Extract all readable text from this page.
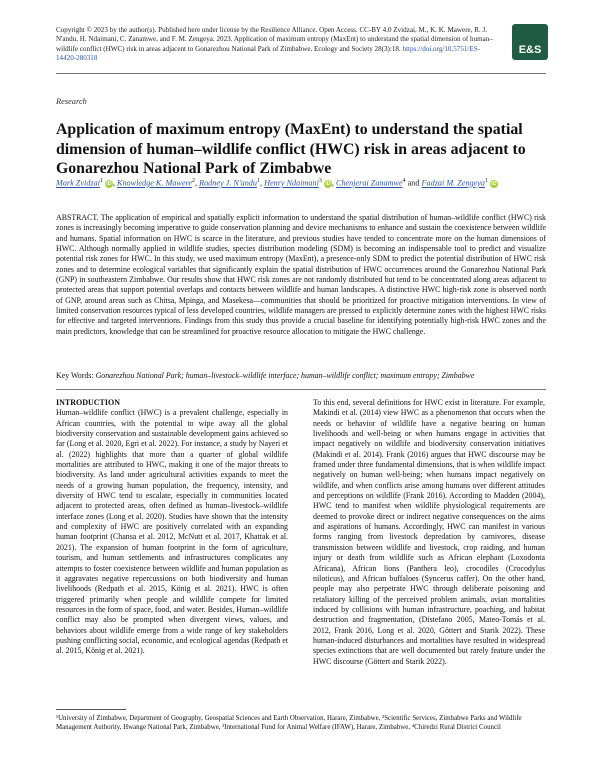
Copyright © 2023 by the author(s). Published here under license by the Resilience Alliance. Open Access. CC-BY 4.0 Zvidzai, M., K. K. Mawere, R. J. N'andu, H. Ndaimani, C. Zanamwe, and F. M. Zengeya. 2023. Application of maximum entropy (MaxEnt) to understand the spatial dimension of human–wildlife conflict (HWC) risk in areas adjacent to Gonarezhou National Park of Zimbabwe. Ecology and Society 28(3):18. https://doi.org/10.5751/ES-14420-280318
E&S
Research
Application of maximum entropy (MaxEnt) to understand the spatial dimension of human–wildlife conflict (HWC) risk in areas adjacent to Gonarezhou National Park of Zimbabwe
Mark Zvidzai$^1$ iD, Knowledge K. Mawere$^2$, Rodney J. N'andu$^1$, Henry Ndaimani$^3$ iD, Chenjerai Zanamwe$^4$ and Fadzai M. Zengeya$^1$ iD

ABSTRACT. The application of empirical and spatially explicit information to understand the spatial distribution of human–wildlife conflict (HWC) risk zones is increasingly becoming imperative to guide conservation planning and device mechanisms to enhance and sustain the coexistence between wildlife and humans. Spatial information on HWC is scarce in the literature, and previous studies have tended to concentrate more on the human dimensions of HWC. Although normally applied in wildlife studies, species distribution modeling (SDM) is becoming an indispensable tool to predict and visualize potential risk zones for HWC. In this study, we used maximum entropy (MaxEnt), a presence-only SDM to predict the potential distribution of HWC risk zones and to determine ecological variables that significantly explain the spatial distribution of HWC occurrences around the Gonarezhou National Park (GNP) in southeastern Zimbabwe. Our results show that HWC risk zones are not randomly distributed but tend to be concentrated along areas adjacent to protected areas that support potential overlaps and contacts between wildlife and human landscapes. A distinctive HWC high-risk zone is observed north of GNP, around areas such as Chitsa, Mpinga, and Masekesa—communities that should be prioritized for proactive mitigation interventions. In view of limited conservation resources typical of less developed countries, wildlife managers are pressed to explicitly determine zones with the highest HWC risks for effective and targeted interventions. Findings from this study thus provide a crucial baseline for identifying potentially high-risk HWC zones and the main predictors, knowledge that can be streamlined for proactive resource allocation to mitigate the HWC challenge.

Key Words: Gonarezhou National Park; human–livestock–wildlife interface; human–wildlife conflict; maximum entropy; Zimbabwe

INTRODUCTION
Human–wildlife conflict (HWC) is a prevalent challenge, especially in African countries, with the potential to wipe away all the global biodiversity conservation and sustainable development gains achieved so far (Long et al. 2020, Egri et al. 2022). For instance, a study by Nayeri et al. (2022) highlights that more than a quarter of global wildlife mortalities are attributed to HWC, making it one of the major threats to biodiversity. As land under agricultural activities expands to meet the needs of a growing human population, the frequency, intensity, and diversity of HWC tend to escalate, especially in communities located adjacent to protected areas, often defined as human–livestock–wildlife interface zones (Long et al. 2020). Studies have shown that the intensity and complexity of HWC are positively correlated with an expanding human footprint (Chansa et al. 2012, McNutt et al. 2017, Khattak et al. 2021). The expansion of human footprint in the form of agriculture, tourism, and human settlements and infrastructures complicates any attempts to foster coexistence between wildlife and human population as it aggravates negative repercussions on both biodiversity and human livelihoods (Redpath et al. 2015, König et al. 2021). HWC is often triggered primarily when people and wildlife compete for limited resources in the form of space, food, and water. Besides, Human–wildlife conflict may also be prompted when divergent views, values, and behaviors about wildlife emerge from a wide range of key stakeholders pushing conflicting social, economic, and ecological agendas (Redpath et al. 2015, König et al. 2021).

To this end, several definitions for HWC exist in literature. For example, Makindi et al. (2014) view HWC as a phenomenon that occurs when the needs or behavior of wildlife have a negative bearing on human livelihoods and well-being or when humans engage in activities that impact negatively on wildlife and biodiversity conservation initiatives (Makindi et al. 2014). Frank (2016) argues that HWC discourse may be framed under three fundamental dimensions, that is when wildlife impact negatively on human well-being; when humans impact negatively on wildlife, and when conflicts arise among humans over different attitudes and perceptions on wildlife (Frank 2016). According to Madden (2004), HWC tend to manifest when wildlife physiological requirements are deemed to provoke direct or indirect negative consequences on the aims and aspirations of humans. Accordingly, HWC can manifest in various forms ranging from livestock depredation by carnivores, disease transmission between wildlife and livestock, crop raiding, and human injury or death from wildlife such as African elephant (Loxodonta Africana), African lions (Panthera leo), crocodiles (Crocodylus niloticus), and African buffaloes (Syncerus caffer). On the other hand, people may also perpetrate HWC through deliberate poisoning and retaliatory killing of the perceived problem animals, avian mortalities induced by collisions with human infrastructure, poaching, and habitat destruction and fragmentation, (Distefano 2005, Mateo-Tomás et al. 2012, Frank 2016, Long et al. 2020, Göttert and Starik 2022). These human-induced disturbances and mortalities have resulted in widespread species extinctions that are well documented but rarely feature under the HWC discourse (Göttert and Starik 2022).

¹University of Zimbabwe, Department of Geography, Geospatial Sciences and Earth Observation, Harare, Zimbabwe, ²Scientific Services, Zimbabwe Parks and Wildlife Management Authority, Hwange National Park, Zimbabwe, ³International Fund for Animal Welfare (IFAW), Harare, Zimbabwe, ⁴Chiredzi Rural District Council
